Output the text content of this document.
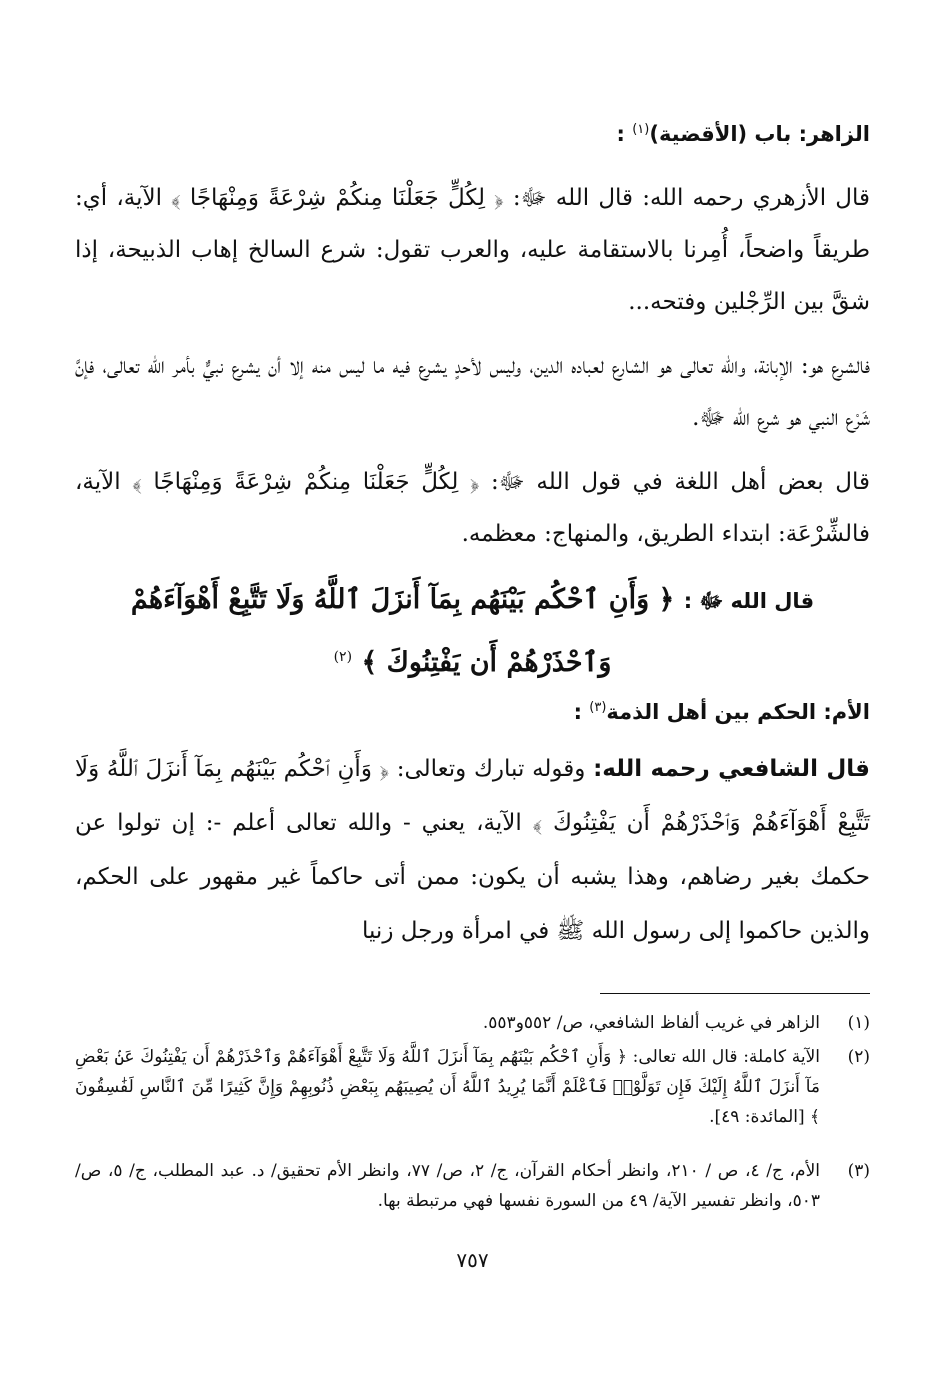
الزاهر: باب (الأقضية)$^{(١)}$ :

قال الأزهري رحمه الله: قال الله ﷻ: ﴿ لِكُلٍّ جَعَلْنَا مِنكُمْ شِرْعَةً وَمِنْهَاجًا ﴾ الآية، أي: طريقاً واضحاً، أُمِرنا بالاستقامة عليه، والعرب تقول: شرع السالخ إهاب الذبيحة، إذا شقَّ بين الرِّجْلين وفتحه...

فالشرع هو: الإبانة، والله تعالى هو الشارع لعباده الدين، وليس لأحدٍ يشرع فيه ما ليس منه إلا أن يشرع نبيٌّ بأمر الله تعالى، فإنَّ شَرْع النبي هو شرع الله ﷻ.

قال بعض أهل اللغة في قول الله ﷻ: ﴿ لِكُلٍّ جَعَلْنَا مِنكُمْ شِرْعَةً وَمِنْهَاجًا ﴾ الآية، فالشِّرْعَة: ابتداء الطريق، والمنهاج: معظمه.

قال الله ﷻ : ﴿ وَأَنِ ٱحْكُم بَيْنَهُم بِمَآ أَنزَلَ ٱللَّهُ وَلَا تَتَّبِعْ أَهْوَآءَهُمْ وَٱحْذَرْهُمْ أَن يَفْتِنُوكَ ﴾ $^{(٢)}$
الأم: الحكم بين أهل الذمة$^{(٣)}$ :

قال الشافعي رحمه الله: وقوله تبارك وتعالى: ﴿ وَأَنِ ٱحْكُم بَيْنَهُم بِمَآ أَنزَلَ ٱللَّهُ وَلَا تَتَّبِعْ أَهْوَآءَهُمْ وَٱحْذَرْهُمْ أَن يَفْتِنُوكَ ﴾ الآية، يعني - والله تعالى أعلم -: إن تولوا عن حكمك بغير رضاهم، وهذا يشبه أن يكون: ممن أتى حاكماً غير مقهور على الحكم، والذين حاكموا إلى رسول الله ﷺ في امرأة ورجل زنيا

(١)
الزاهر في غريب ألفاظ الشافعي، ص/ ٥٥٢و٥٥٣.
(٢)
الآية كاملة: قال الله تعالى: ﴿ وَأَنِ ٱحْكُم بَيْنَهُم بِمَآ أَنزَلَ ٱللَّهُ وَلَا تَتَّبِعْ أَهْوَآءَهُمْ وَٱحْذَرْهُمْ أَن يَفْتِنُوكَ عَنۢ بَعْضِ مَآ أَنزَلَ ٱللَّهُ إِلَيْكَ فَإِن تَوَلَّوْا۟ فَٱعْلَمْ أَنَّمَا يُرِيدُ ٱللَّهُ أَن يُصِيبَهُم بِبَعْضِ ذُنُوبِهِمْ وَإِنَّ كَثِيرًا مِّنَ ٱلنَّاسِ لَفَٰسِقُونَ ﴾ [المائدة: ٤٩].
(٣)
الأم، ج/ ٤، ص / ٢١٠، وانظر أحكام القرآن، ج/ ٢، ص/ ٧٧، وانظر الأم تحقيق/ د. عبد المطلب، ج/ ٥، ص/ ٥٠٣، وانظر تفسير الآية/ ٤٩ من السورة نفسها فهي مرتبطة بها.
٧٥٧
